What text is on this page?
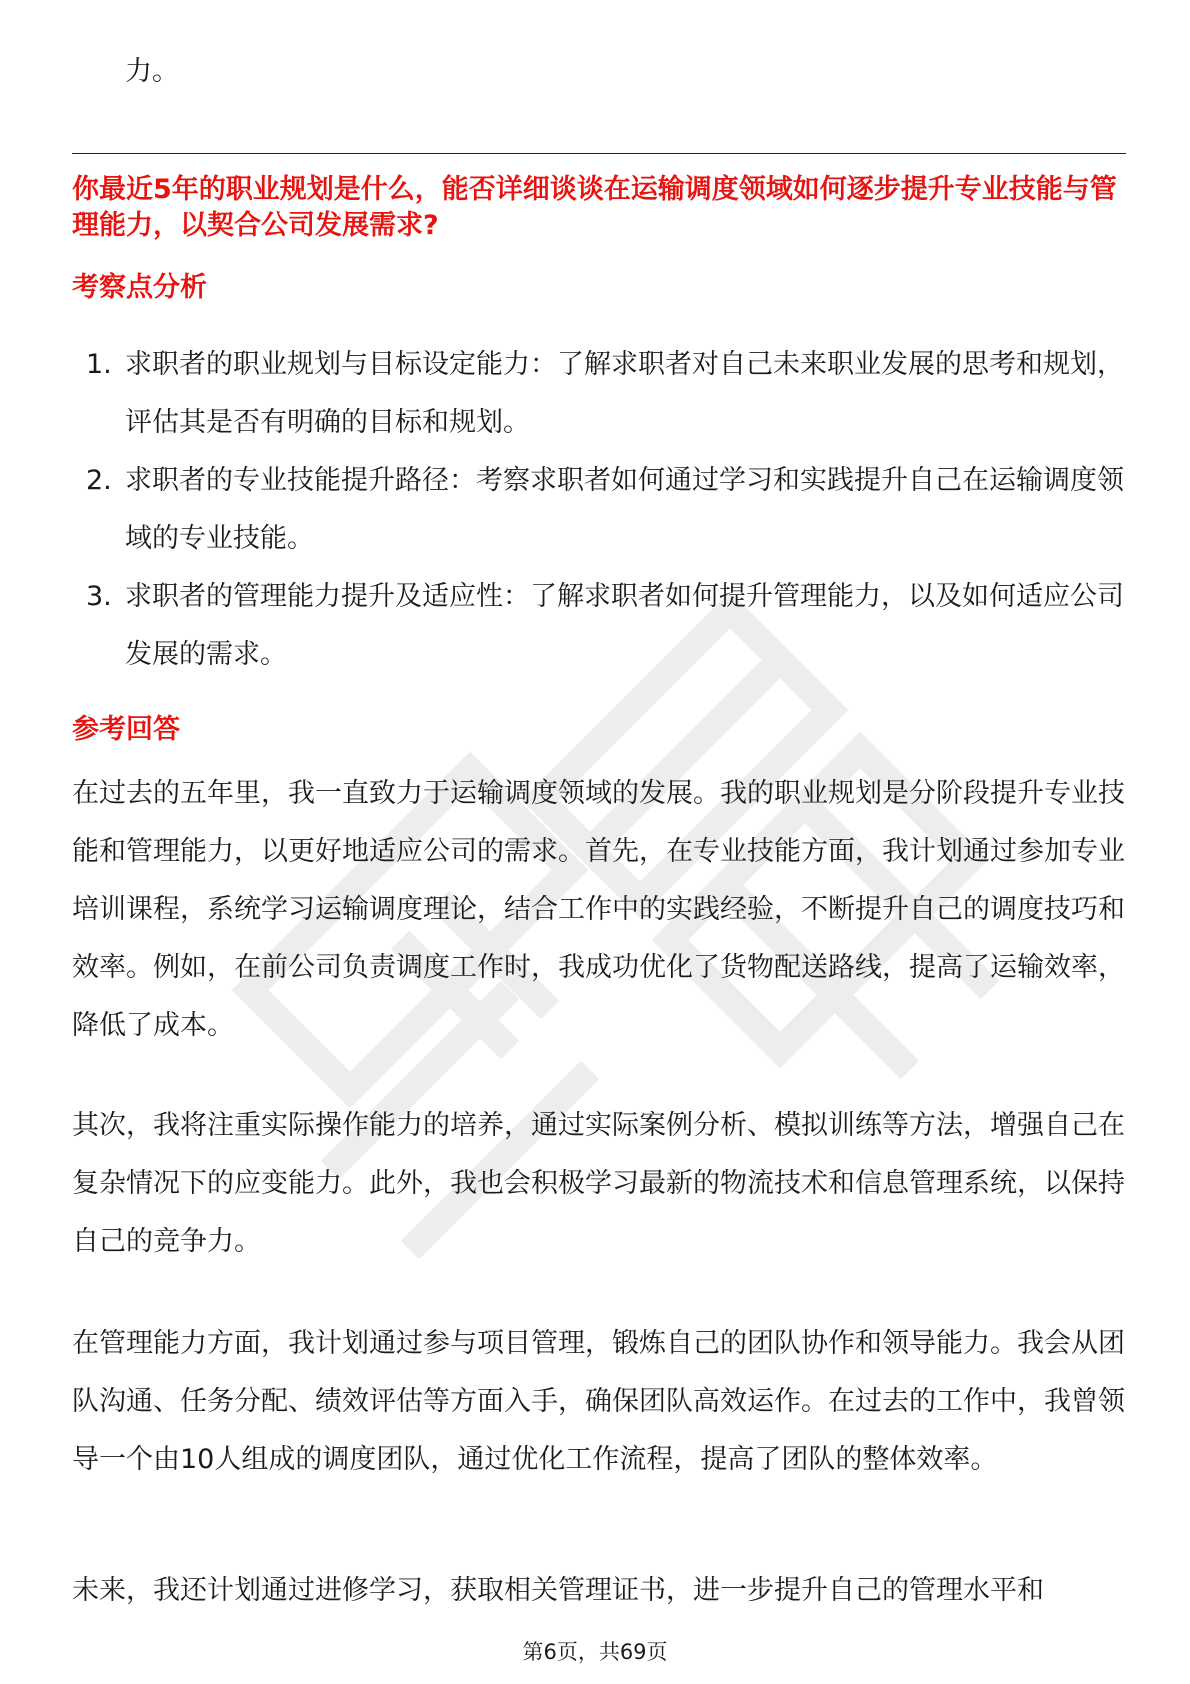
力。
你最近5年的职业规划是什么，能否详细谈谈在运输调度领域如何逐步提升专业技能与管理能力，以契合公司发展需求?
考察点分析
1. 求职者的职业规划与目标设定能力：了解求职者对自己未来职业发展的思考和规划，评估其是否有明确的目标和规划。
2. 求职者的专业技能提升路径：考察求职者如何通过学习和实践提升自己在运输调度领域的专业技能。
3. 求职者的管理能力提升及适应性：了解求职者如何提升管理能力，以及如何适应公司发展的需求。
参考回答

在过去的五年里，我一直致力于运输调度领域的发展。我的职业规划是分阶段提升专业技能和管理能力，以更好地适应公司的需求。首先，在专业技能方面，我计划通过参加专业培训课程，系统学习运输调度理论，结合工作中的实践经验，不断提升自己的调度技巧和效率。例如，在前公司负责调度工作时，我成功优化了货物配送路线，提高了运输效率，降低了成本。

其次，我将注重实际操作能力的培养，通过实际案例分析、模拟训练等方法，增强自己在复杂情况下的应变能力。此外，我也会积极学习最新的物流技术和信息管理系统，以保持自己的竞争力。

在管理能力方面，我计划通过参与项目管理，锻炼自己的团队协作和领导能力。我会从团队沟通、任务分配、绩效评估等方面入手，确保团队高效运作。在过去的工作中，我曾领导一个由10人组成的调度团队，通过优化工作流程，提高了团队的整体效率。

未来，我还计划通过进修学习，获取相关管理证书，进一步提升自己的管理水平和

第6页，共69页
